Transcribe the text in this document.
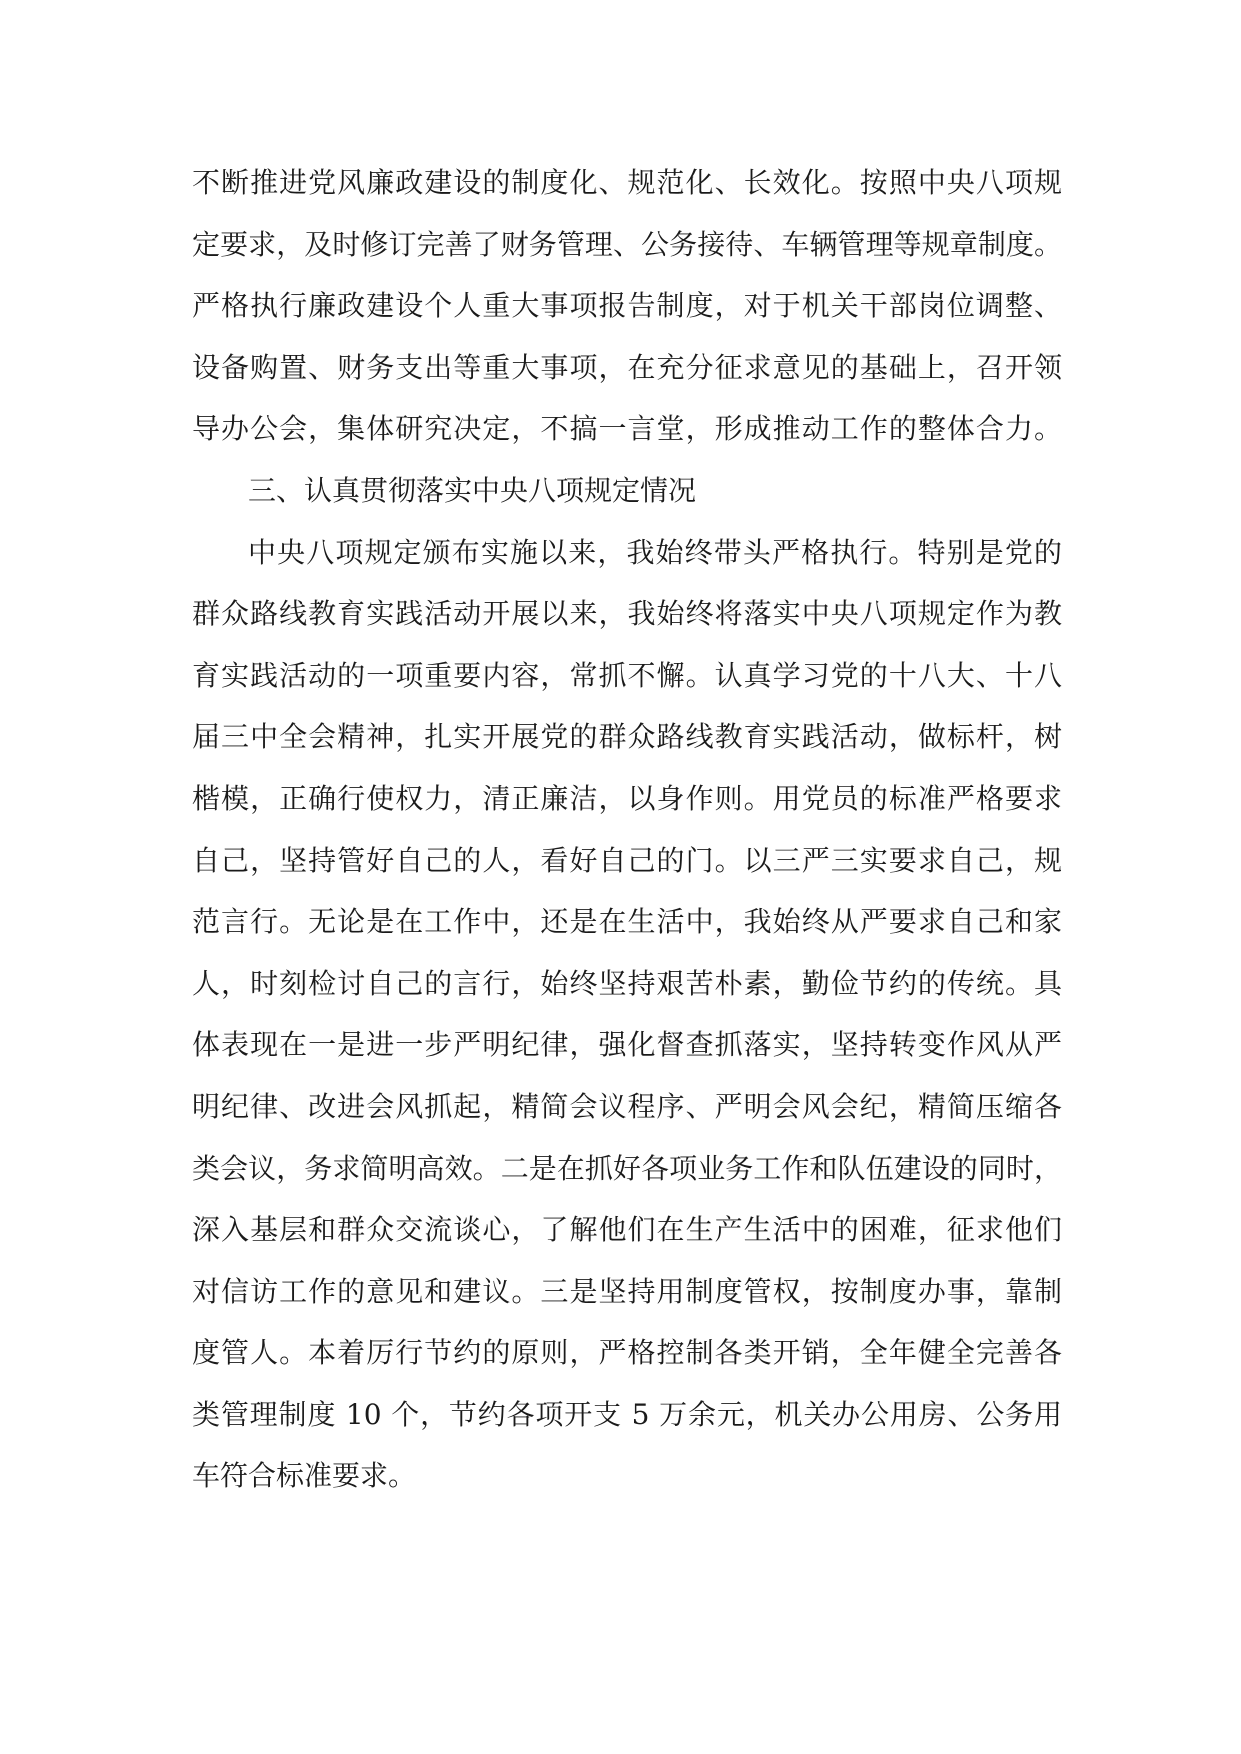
不断推进党风廉政建设的制度化、规范化、长效化。按照中央八项规
定要求，及时修订完善了财务管理、公务接待、车辆管理等规章制度。
严格执行廉政建设个人重大事项报告制度，对于机关干部岗位调整、
设备购置、财务支出等重大事项，在充分征求意见的基础上，召开领
导办公会，集体研究决定，不搞一言堂，形成推动工作的整体合力。
三、认真贯彻落实中央八项规定情况
中央八项规定颁布实施以来，我始终带头严格执行。特别是党的
群众路线教育实践活动开展以来，我始终将落实中央八项规定作为教
育实践活动的一项重要内容，常抓不懈。认真学习党的十八大、十八
届三中全会精神，扎实开展党的群众路线教育实践活动，做标杆，树
楷模，正确行使权力，清正廉洁，以身作则。用党员的标准严格要求
自己，坚持管好自己的人，看好自己的门。以三严三实要求自己，规
范言行。无论是在工作中，还是在生活中，我始终从严要求自己和家
人，时刻检讨自己的言行，始终坚持艰苦朴素，勤俭节约的传统。具
体表现在一是进一步严明纪律，强化督查抓落实，坚持转变作风从严
明纪律、改进会风抓起，精简会议程序、严明会风会纪，精简压缩各
类会议，务求简明高效。二是在抓好各项业务工作和队伍建设的同时，
深入基层和群众交流谈心，了解他们在生产生活中的困难，征求他们
对信访工作的意见和建议。三是坚持用制度管权，按制度办事，靠制
度管人。本着厉行节约的原则，严格控制各类开销，全年健全完善各
类管理制度 10 个，节约各项开支 5 万余元，机关办公用房、公务用
车符合标准要求。
